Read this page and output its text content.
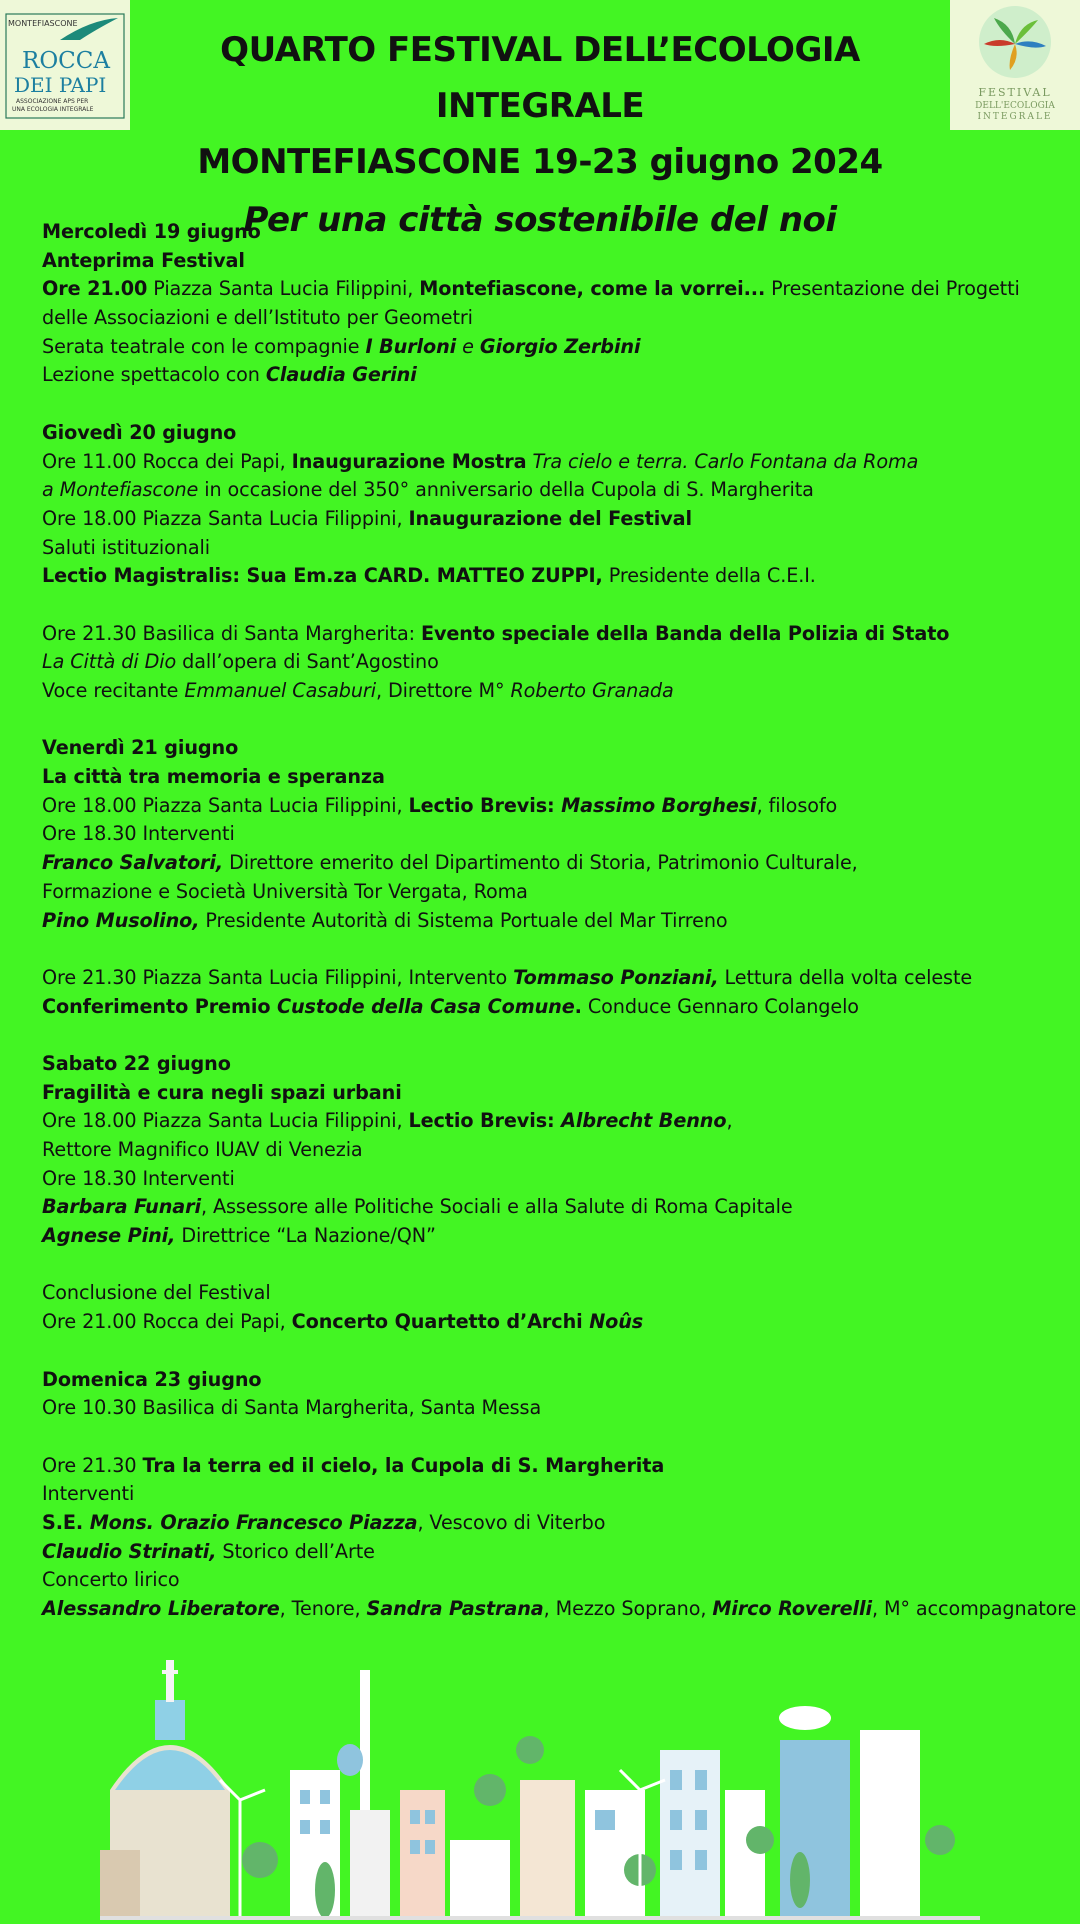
MONTEFIASCONE
ROCCA
DEI PAPI
ASSOCIAZIONE APS PER
UNA ECOLOGIA INTEGRALE
FESTIVAL
DELL'ECOLOGIA
INTEGRALE
QUARTO FESTIVAL DELL’ECOLOGIA INTEGRALE
MONTEFIASCONE 19-23 giugno 2024
Per una città sostenibile del noi
Mercoledì 19 giugno
Anteprima Festival
Ore 21.00 Piazza Santa Lucia Filippini, Montefiascone, come la vorrei... Presentazione dei Progetti
delle Associazioni e dell’Istituto per Geometri
Serata teatrale con le compagnie I Burloni e Giorgio Zerbini
Lezione spettacolo con Claudia Gerini
Giovedì 20 giugno
Ore 11.00 Rocca dei Papi, Inaugurazione Mostra Tra cielo e terra. Carlo Fontana da Roma
a Montefiascone in occasione del 350° anniversario della Cupola di S. Margherita
Ore 18.00 Piazza Santa Lucia Filippini, Inaugurazione del Festival
Saluti istituzionali
Lectio Magistralis: Sua Em.za CARD. MATTEO ZUPPI, Presidente della C.E.I.
Ore 21.30 Basilica di Santa Margherita: Evento speciale della Banda della Polizia di Stato
La Città di Dio dall’opera di Sant’Agostino
Voce recitante Emmanuel Casaburi, Direttore M° Roberto Granada
Venerdì 21 giugno
La città tra memoria e speranza
Ore 18.00 Piazza Santa Lucia Filippini, Lectio Brevis: Massimo Borghesi, filosofo
Ore 18.30 Interventi
Franco Salvatori, Direttore emerito del Dipartimento di Storia, Patrimonio Culturale,
Formazione e Società Università Tor Vergata, Roma
Pino Musolino, Presidente Autorità di Sistema Portuale del Mar Tirreno
Ore 21.30 Piazza Santa Lucia Filippini, Intervento Tommaso Ponziani, Lettura della volta celeste
Conferimento Premio Custode della Casa Comune. Conduce Gennaro Colangelo
Sabato 22 giugno
Fragilità e cura negli spazi urbani
Ore 18.00 Piazza Santa Lucia Filippini, Lectio Brevis: Albrecht Benno,
Rettore Magnifico IUAV di Venezia
Ore 18.30 Interventi
Barbara Funari, Assessore alle Politiche Sociali e alla Salute di Roma Capitale
Agnese Pini, Direttrice “La Nazione/QN”
Conclusione del Festival
Ore 21.00 Rocca dei Papi, Concerto Quartetto d’Archi Noûs
Domenica 23 giugno
Ore 10.30 Basilica di Santa Margherita, Santa Messa
Ore 21.30 Tra la terra ed il cielo, la Cupola di S. Margherita
Interventi
S.E. Mons. Orazio Francesco Piazza, Vescovo di Viterbo
Claudio Strinati, Storico dell’Arte
Concerto lirico
Alessandro Liberatore, Tenore, Sandra Pastrana, Mezzo Soprano, Mirco Roverelli, M° accompagnatore
